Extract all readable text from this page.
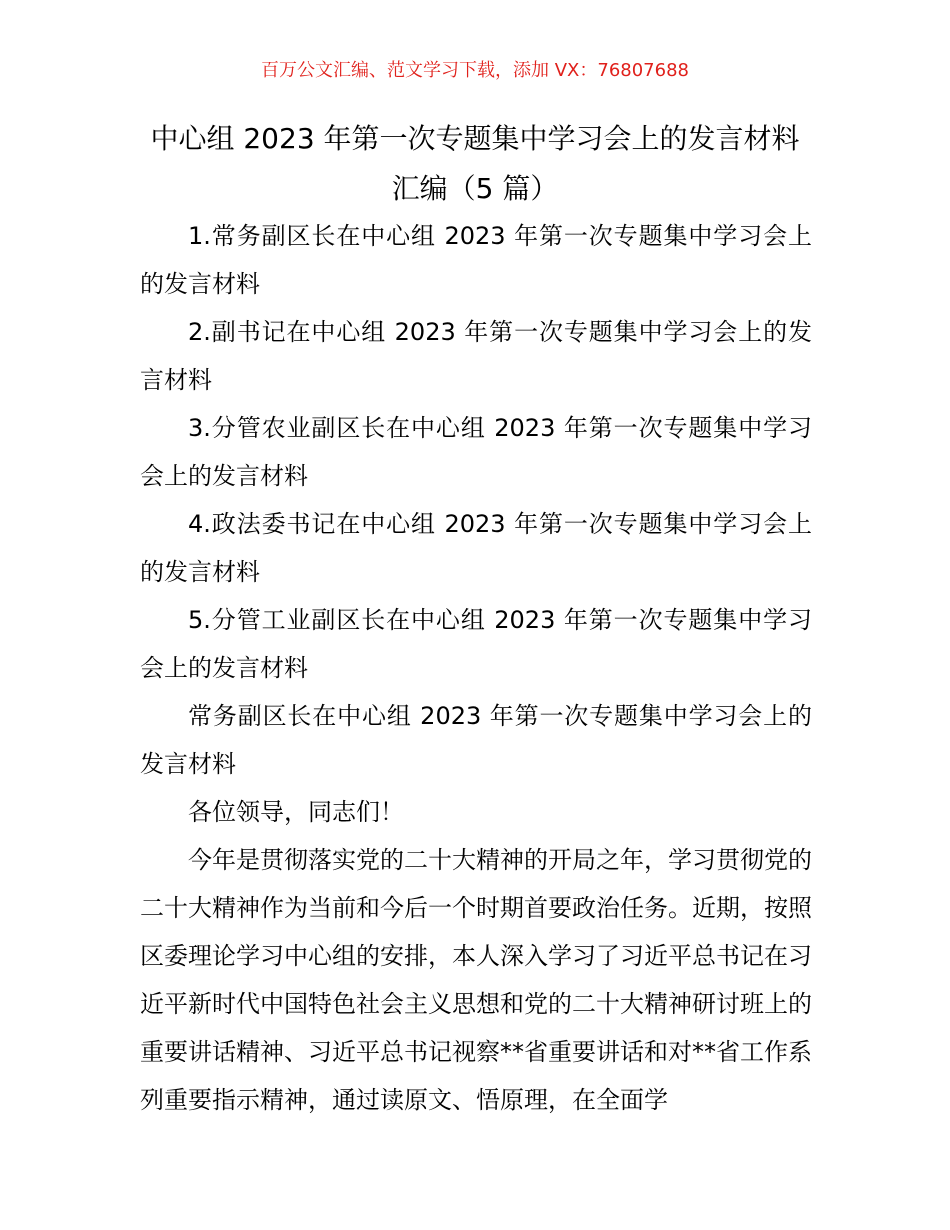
百万公文汇编、范文学习下载，添加 VX：76807688
中心组 2023 年第一次专题集中学习会上的发言材料汇编（5 篇）

1.常务副区长在中心组 2023 年第一次专题集中学习会上的发言材料

2.副书记在中心组 2023 年第一次专题集中学习会上的发言材料

3.分管农业副区长在中心组 2023 年第一次专题集中学习会上的发言材料

4.政法委书记在中心组 2023 年第一次专题集中学习会上的发言材料

5.分管工业副区长在中心组 2023 年第一次专题集中学习会上的发言材料

常务副区长在中心组 2023 年第一次专题集中学习会上的发言材料

各位领导，同志们！

今年是贯彻落实党的二十大精神的开局之年，学习贯彻党的二十大精神作为当前和今后一个时期首要政治任务。近期，按照区委理论学习中心组的安排，本人深入学习了习近平总书记在习近平新时代中国特色社会主义思想和党的二十大精神研讨班上的重要讲话精神、习近平总书记视察**省重要讲话和对**省工作系列重要指示精神，通过读原文、悟原理，在全面学
